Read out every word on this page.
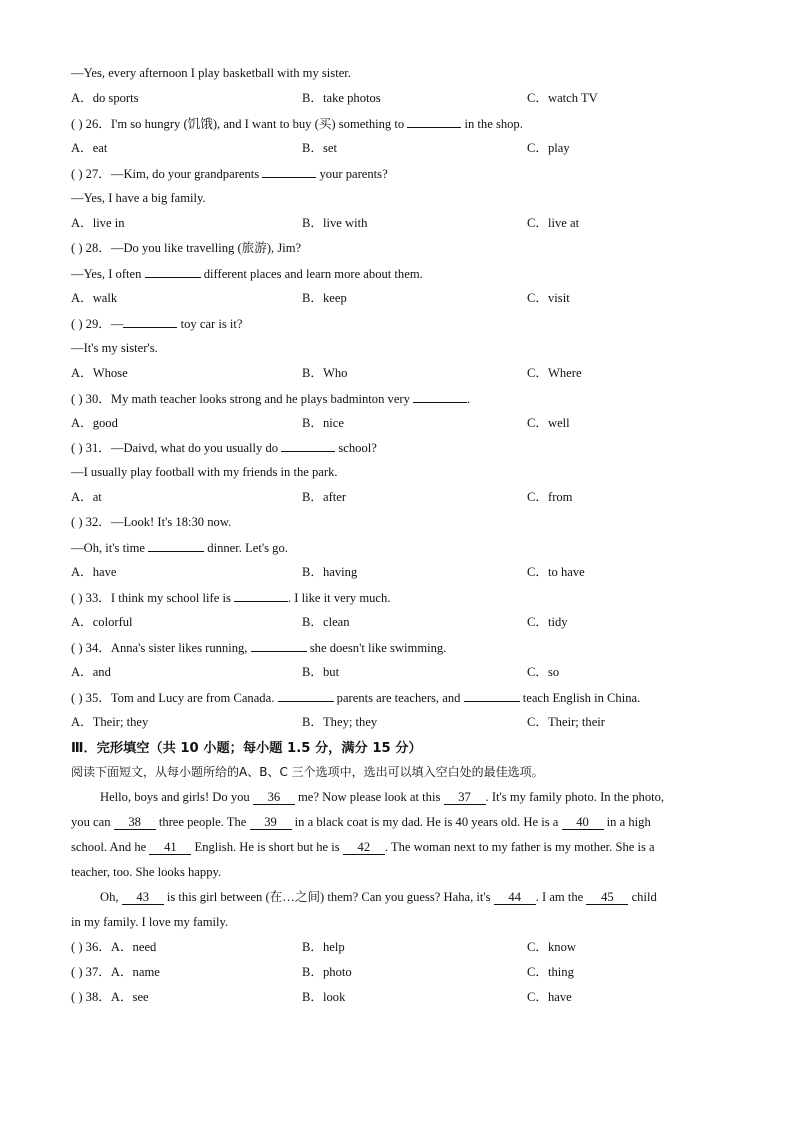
—Yes, every afternoon I play basketball with my sister.
A．do sports	B．take photos	C．watch TV
( ) 26．I'm so hungry (饥饿), and I want to buy (买) something to	in the shop.
A．eat	B．set	C．play
( ) 27．—Kim, do your grandparents	your parents?
—Yes, I have a big family.
A．live in	B．live with	C．live at
( ) 28．—Do you like travelling (旅游), Jim?
—Yes, I often	different places and learn more about them.
A．walk	B．keep	C．visit
( ) 29．—	toy car is it?
—It's my sister's.
A．Whose	B．Who	C．Where
( ) 30．My math teacher looks strong and he plays badminton very	.
A．good	B．nice	C．well
( ) 31．—Daivd, what do you usually do	school?
—I usually play football with my friends in the park.
A．at	B．after	C．from
( ) 32．—Look! It's 18:30 now.
—Oh, it's time	dinner. Let's go.
A．have	B．having	C．to have
( ) 33．I think my school life is	. I like it very much.
A．colorful	B．clean	C．tidy
( ) 34．Anna's sister likes running,	she doesn't like swimming.
A．and	B．but	C．so
( ) 35．Tom and Lucy are from Canada.	parents are teachers, and	teach English in China.
A．Their; they	B．They; they	C．Their; their
Ⅲ．完形填空（共 10 小题；每小题 1.5 分，满分 15 分）
阅读下面短文，从每小题所给的A、B、C 三个选项中，选出可以填入空白处的最佳选项。
Hello, boys and girls! Do you 36 me? Now please look at this 37 . It's my family photo. In the photo,
you can 38 three people. The 39 in a black coat is my dad. He is 40 years old. He is a 40 in a high
school. And he 41 English. He is short but he is 42 . The woman next to my father is my mother. She is a
teacher, too. She looks happy.
Oh, 43 is this girl between (在…之间) them? Can you guess? Haha, it's 44 . I am the 45 child
in my family. I love my family.
( ) 36．A．need	B．help	C．know
( ) 37．A．name	B．photo	C．thing
( ) 38．A．see	B．look	C．have
